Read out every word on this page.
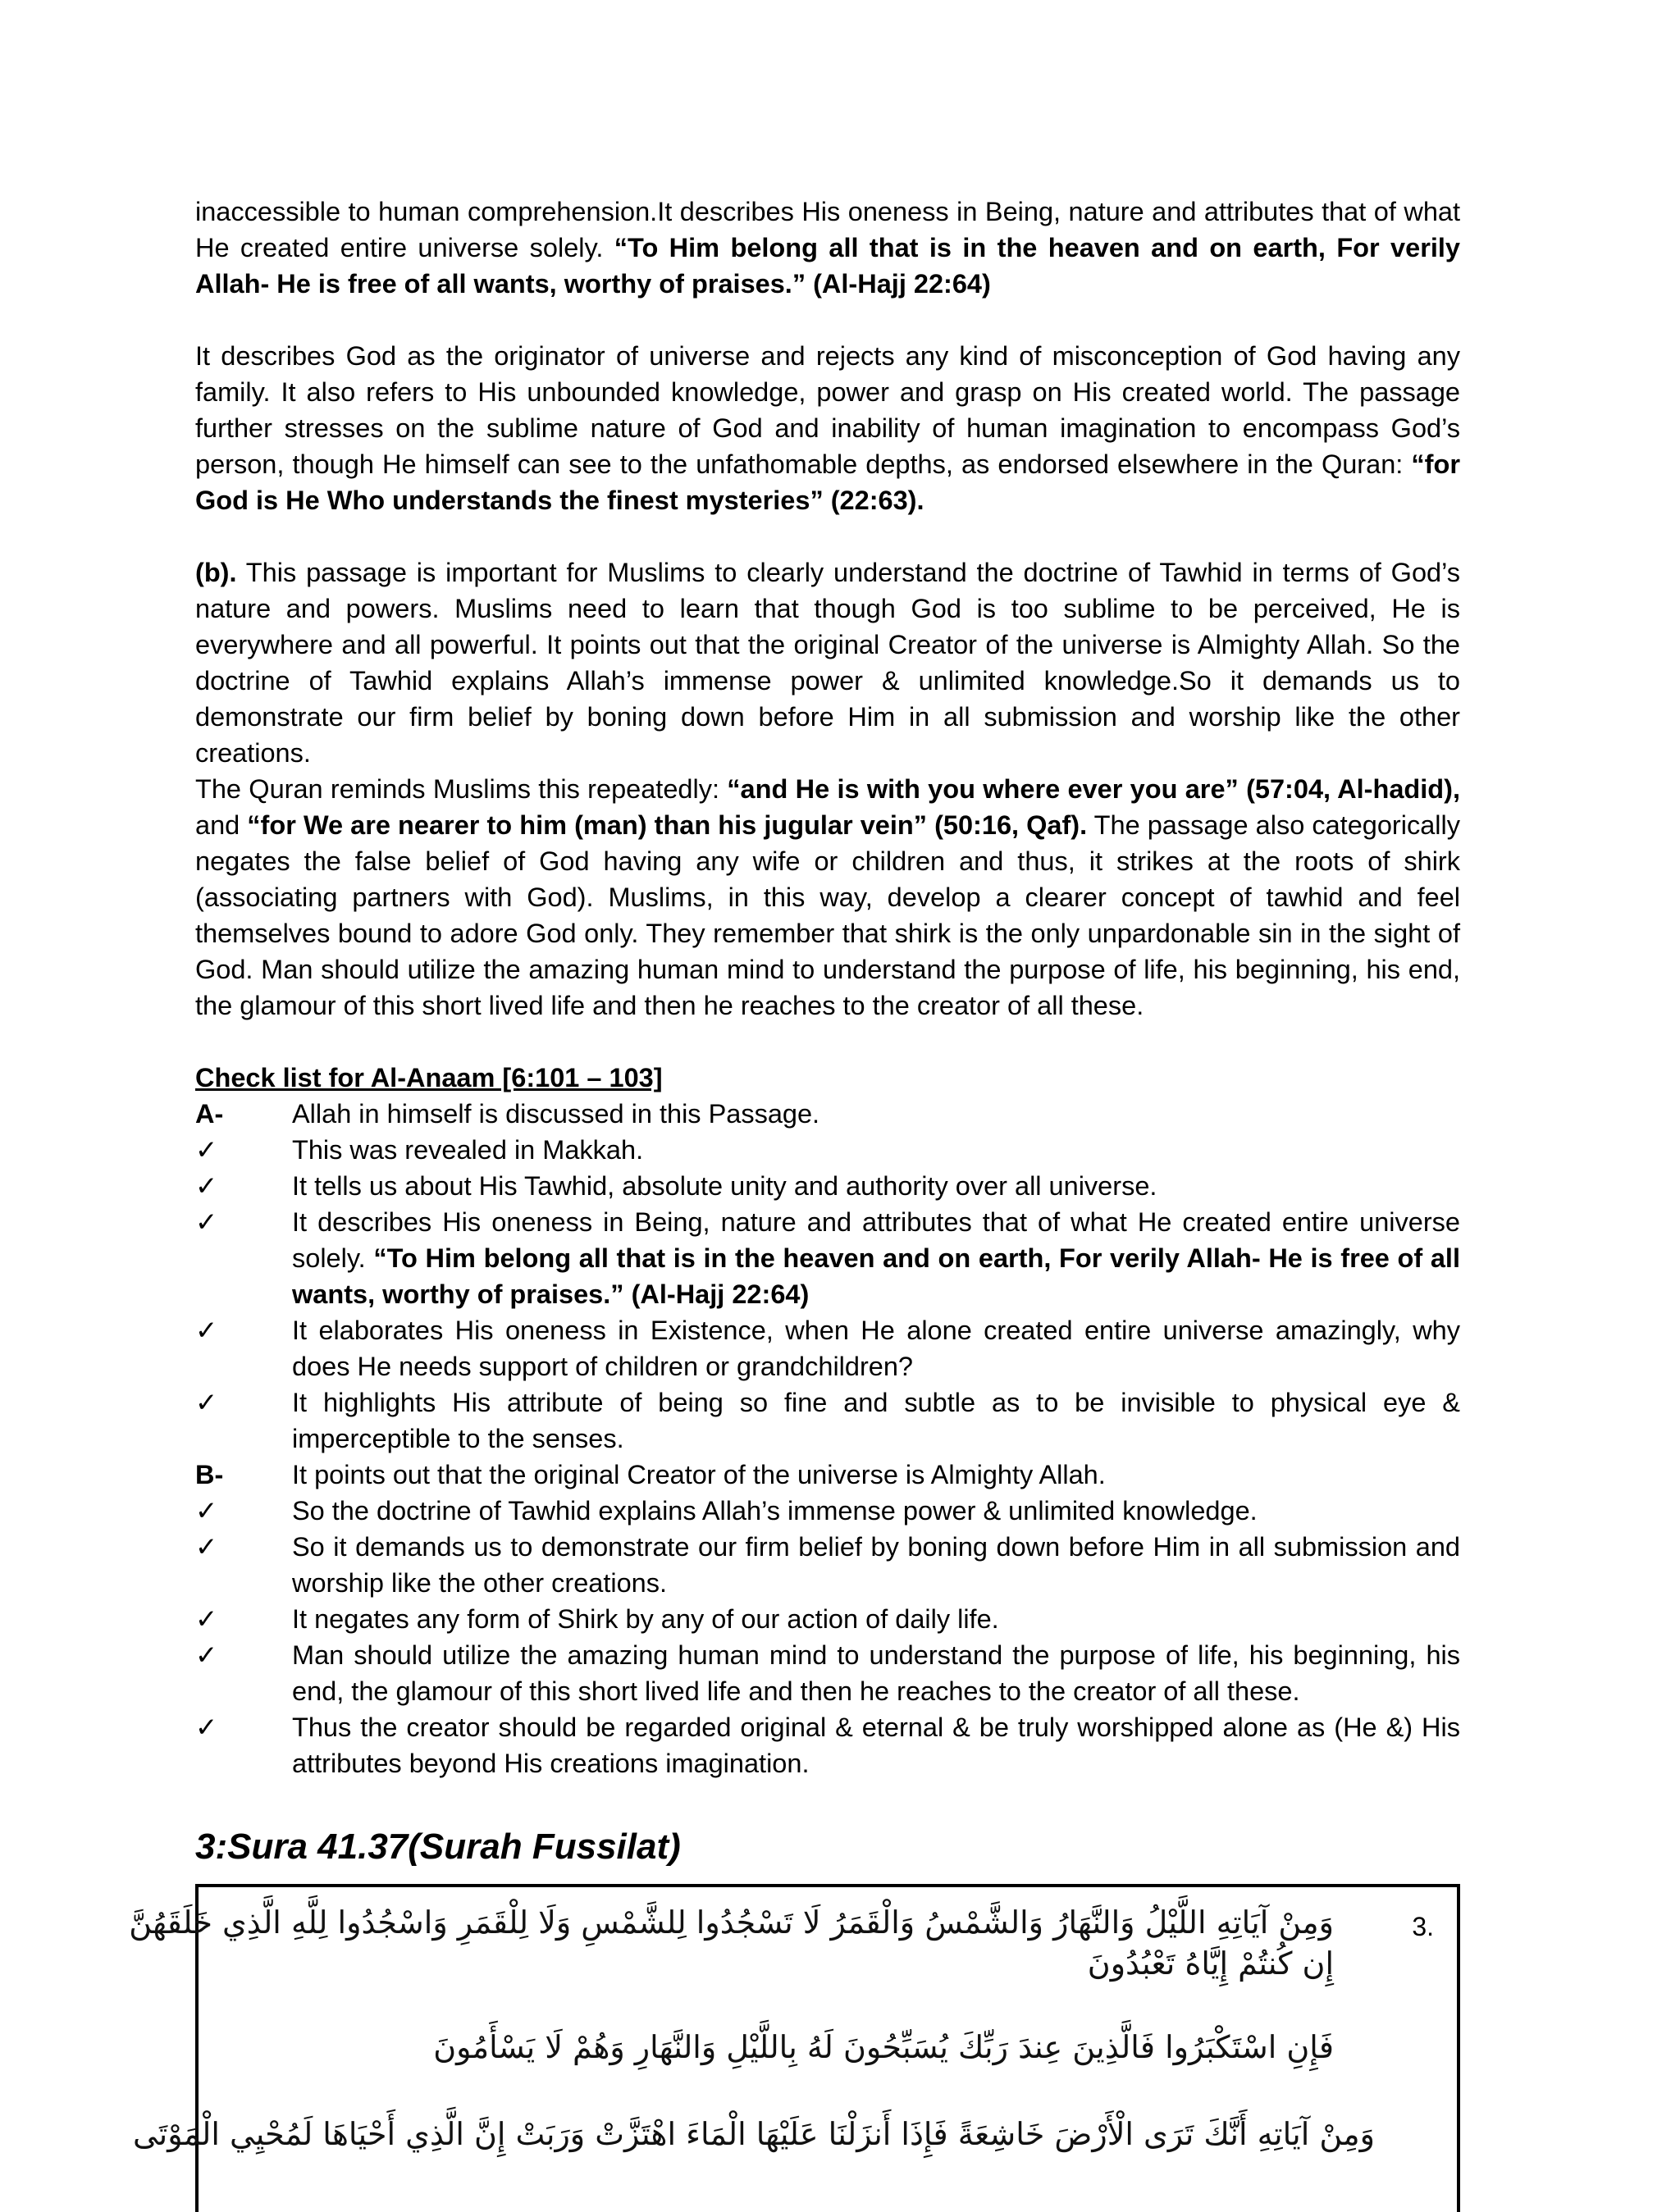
inaccessible to human comprehension.It describes His oneness in Being, nature and attributes that of what He created entire universe solely. “To Him belong all that is in the heaven and on earth, For verily Allah- He is free of all wants, worthy of praises.” (Al-Hajj 22:64)

It describes God as the originator of universe and rejects any kind of misconception of God having any family. It also refers to His unbounded knowledge, power and grasp on His created world. The passage further stresses on the sublime nature of God and inability of human imagination to encompass God’s person, though He himself can see to the unfathomable depths, as endorsed elsewhere in the Quran: “for God is He Who understands the finest mysteries” (22:63).

(b). This passage is important for Muslims to clearly understand the doctrine of Tawhid in terms of God’s nature and powers. Muslims need to learn that though God is too sublime to be perceived, He is everywhere and all powerful. It points out that the original Creator of the universe is Almighty Allah. So the doctrine of Tawhid explains Allah’s immense power & unlimited knowledge.So it demands us to demonstrate our firm belief by boning down before Him in all submission and worship like the other creations.

The Quran reminds Muslims this repeatedly: “and He is with you where ever you are” (57:04, Al-hadid), and “for We are nearer to him (man) than his jugular vein” (50:16, Qaf). The passage also categorically negates the false belief of God having any wife or children and thus, it strikes at the roots of shirk (associating partners with God). Muslims, in this way, develop a clearer concept of tawhid and feel themselves bound to adore God only. They remember that shirk is the only unpardonable sin in the sight of God. Man should utilize the amazing human mind to understand the purpose of life, his beginning, his end, the glamour of this short lived life and then he reaches to the creator of all these.

Check list for Al-Anaam [6:101 – 103]
A-	Allah in himself is discussed in this Passage.
✓	This was revealed in Makkah.
✓	It tells us about His Tawhid, absolute unity and authority over all universe.
✓	It describes His oneness in Being, nature and attributes that of what He created entire universe solely. “To Him belong all that is in the heaven and on earth, For verily Allah- He is free of all wants, worthy of praises.” (Al-Hajj 22:64)
✓	It elaborates His oneness in Existence, when He alone created entire universe amazingly, why does He needs support of children or grandchildren?
✓	It highlights His attribute of being so fine and subtle as to be invisible to physical eye & imperceptible to the senses.
B-	It points out that the original Creator of the universe is Almighty Allah.
✓	So the doctrine of Tawhid explains Allah’s immense power & unlimited knowledge.
✓	So it demands us to demonstrate our firm belief by boning down before Him in all submission and worship like the other creations.
✓	It negates any form of Shirk by any of our action of daily life.
✓	Man should utilize the amazing human mind to understand the purpose of life, his beginning, his end, the glamour of this short lived life and then he reaches to the creator of all these.
✓	Thus the creator should be regarded original & eternal & be truly worshipped alone as (He &) His attributes beyond His creations imagination.
3:Sura 41.37(Surah Fussilat)
3.
وَمِنْ آيَاتِهِ اللَّيْلُ وَالنَّهَارُ وَالشَّمْسُ وَالْقَمَرُ لَا تَسْجُدُوا لِلشَّمْسِ وَلَا لِلْقَمَرِ وَاسْجُدُوا لِلَّهِ الَّذِي خَلَقَهُنَّ
إِن كُنتُمْ إِيَّاهُ تَعْبُدُونَ
فَإِنِ اسْتَكْبَرُوا فَالَّذِينَ عِندَ رَبِّكَ يُسَبِّحُونَ لَهُ بِاللَّيْلِ وَالنَّهَارِ وَهُمْ لَا يَسْأَمُونَ
وَمِنْ آيَاتِهِ أَنَّكَ تَرَى الْأَرْضَ خَاشِعَةً فَإِذَا أَنزَلْنَا عَلَيْهَا الْمَاءَ اهْتَزَّتْ وَرَبَتْ إِنَّ الَّذِي أَحْيَاهَا لَمُحْيِي الْمَوْتَى
